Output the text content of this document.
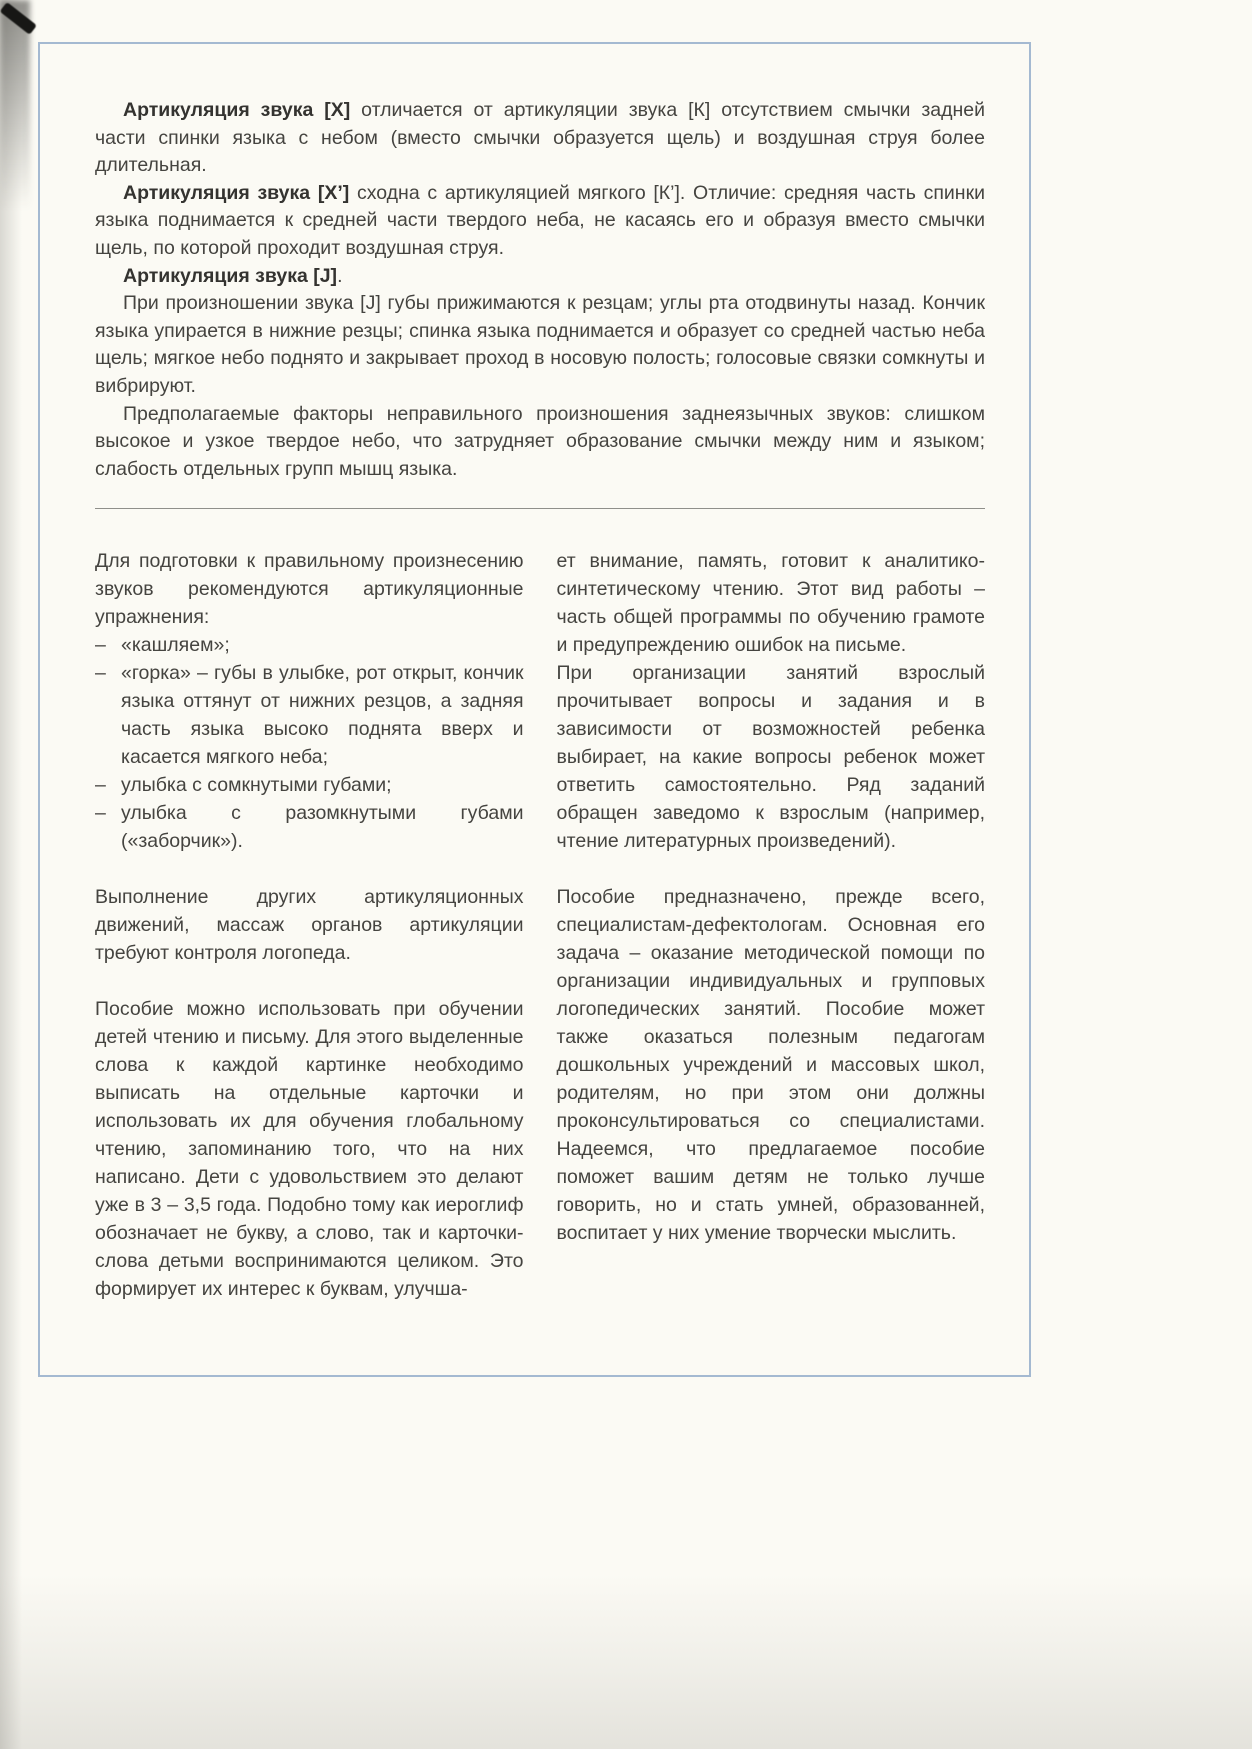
Артикуляция звука [Х] отличается от артикуляции звука [К] отсутствием смычки задней части спинки языка с небом (вместо смычки образуется щель) и воздушная струя более длительная.

Артикуляция звука [Х’] сходна с артикуляцией мягкого [К’]. Отличие: средняя часть спинки языка поднимается к средней части твердого неба, не касаясь его и образуя вместо смычки щель, по которой проходит воздушная струя.

Артикуляция звука [J].

При произношении звука [J] губы прижимаются к резцам; углы рта отодвинуты назад. Кончик языка упирается в нижние резцы; спинка языка поднимается и образует со средней частью неба щель; мягкое небо поднято и закрывает проход в носовую полость; голосовые связки сомкнуты и вибрируют.

Предполагаемые факторы неправильного произношения заднеязычных звуков: слишком высокое и узкое твердое небо, что затрудняет образование смычки между ним и языком; слабость отдельных групп мышц языка.

Для подготовки к правильному произнесению звуков рекомендуются артикуляционные упражнения:

– «кашляем»;
– «горка» – губы в улыбке, рот открыт, кончик языка оттянут от нижних резцов, а задняя часть языка высоко поднята вверх и касается мягкого неба;
– улыбка с сомкнутыми губами;
– улыбка с разомкнутыми губами («заборчик»).

Выполнение других артикуляционных движений, массаж органов артикуляции требуют контроля логопеда.

Пособие можно использовать при обучении детей чтению и письму. Для этого выделенные слова к каждой картинке необходимо выписать на отдельные карточки и использовать их для обучения глобальному чтению, запоминанию того, что на них написано. Дети с удовольствием это делают уже в 3 – 3,5 года. Подобно тому как иероглиф обозначает не букву, а слово, так и карточки-слова детьми воспринимаются целиком. Это формирует их интерес к буквам, улучша-

ет внимание, память, готовит к аналитико-синтетическому чтению. Этот вид работы – часть общей программы по обучению грамоте и предупреждению ошибок на письме.

При организации занятий взрослый прочитывает вопросы и задания и в зависимости от возможностей ребенка выбирает, на какие вопросы ребенок может ответить самостоятельно. Ряд заданий обращен заведомо к взрослым (например, чтение литературных произведений).

Пособие предназначено, прежде всего, специалистам-дефектологам. Основная его задача – оказание методической помощи по организации индивидуальных и групповых логопедических занятий. Пособие может также оказаться полезным педагогам дошкольных учреждений и массовых школ, родителям, но при этом они должны проконсультироваться со специалистами. Надеемся, что предлагаемое пособие поможет вашим детям не только лучше говорить, но и стать умней, образованней, воспитает у них умение творчески мыслить.
